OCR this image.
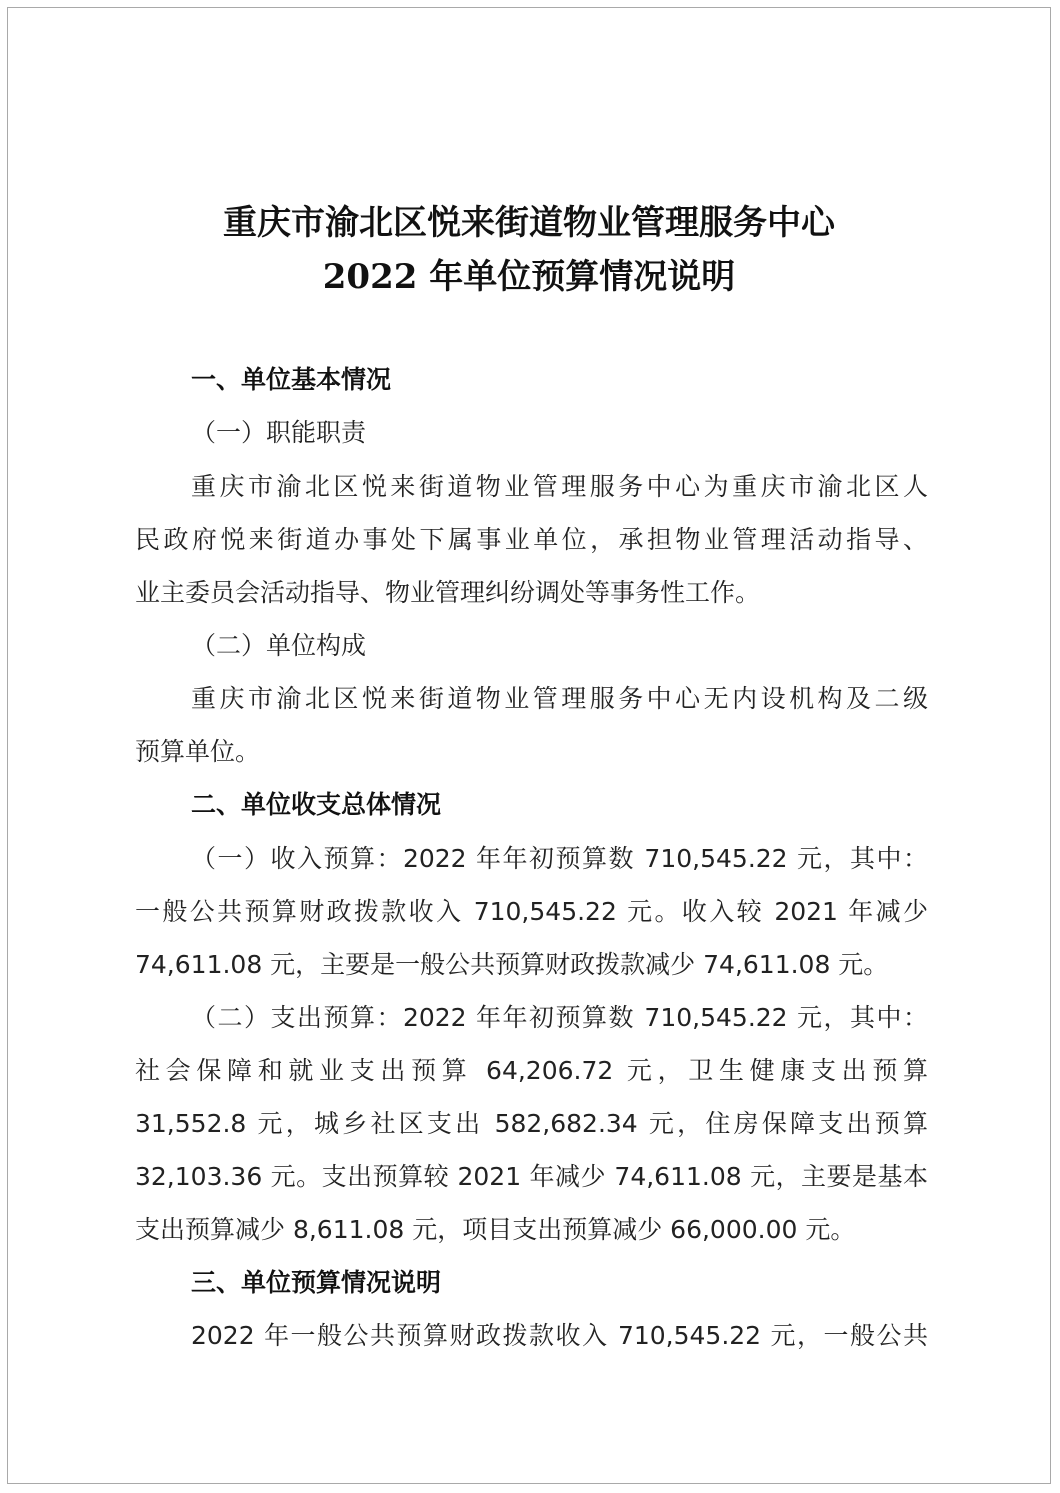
重庆市渝北区悦来街道物业管理服务中心
2022 年单位预算情况说明
一、单位基本情况
（一）职能职责
重庆市渝北区悦来街道物业管理服务中心为重庆市渝北区人
民政府悦来街道办事处下属事业单位，承担物业管理活动指导、
业主委员会活动指导、物业管理纠纷调处等事务性工作。
（二）单位构成
重庆市渝北区悦来街道物业管理服务中心无内设机构及二级
预算单位。
二、单位收支总体情况
（一）收入预算：2022 年年初预算数 710,545.22 元，其中：
一般公共预算财政拨款收入 710,545.22 元。收入较 2021 年减少
74,611.08 元，主要是一般公共预算财政拨款减少 74,611.08 元。
（二）支出预算：2022 年年初预算数 710,545.22 元，其中：
社会保障和就业支出预算 64,206.72 元，卫生健康支出预算
31,552.8 元，城乡社区支出 582,682.34 元，住房保障支出预算
32,103.36 元。支出预算较 2021 年减少 74,611.08 元，主要是基本
支出预算减少 8,611.08 元，项目支出预算减少 66,000.00 元。
三、单位预算情况说明
2022 年一般公共预算财政拨款收入 710,545.22 元，一般公共
